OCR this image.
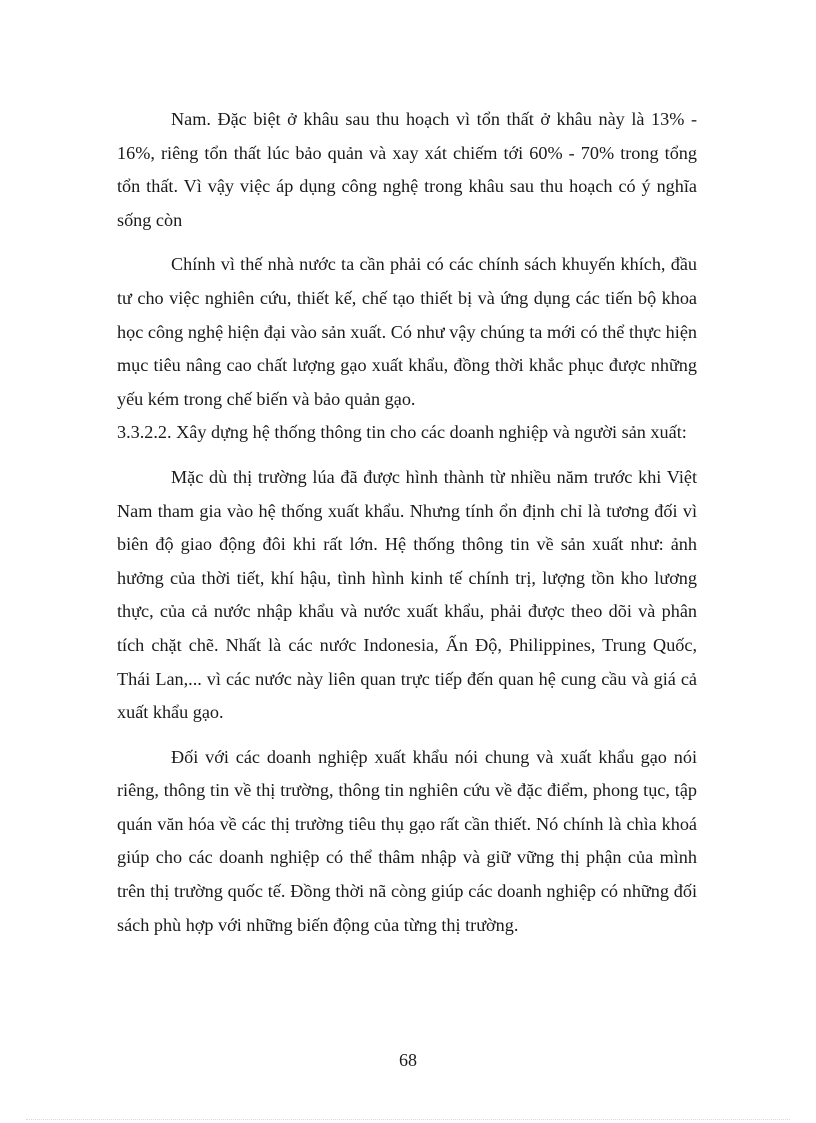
Nam. Đặc biệt ở khâu sau thu hoạch vì tổn thất ở khâu này là 13% - 16%, riêng tổn thất lúc bảo quản và xay xát chiếm tới 60% - 70% trong tổng tổn thất. Vì vậy việc áp dụng công nghệ trong khâu sau thu hoạch có ý nghĩa sống còn

Chính vì thế nhà nước ta cần phải có các chính sách khuyến khích, đầu tư cho việc nghiên cứu, thiết kế, chế tạo thiết bị và ứng dụng các tiến bộ khoa học công nghệ hiện đại vào sản xuất. Có như vậy chúng ta mới có thể thực hiện mục tiêu nâng cao chất lượng gạo xuất khẩu, đồng thời khắc phục được những yếu kém trong chế biến và bảo quản gạo.

3.3.2.2. Xây dựng hệ thống thông tin cho các doanh nghiệp và người sản xuất:

Mặc dù thị trường lúa đã được hình thành từ nhiều năm trước khi Việt Nam tham gia vào hệ thống xuất khẩu. Nhưng tính ổn định chỉ là tương đối vì biên độ giao động đôi khi rất lớn. Hệ thống thông tin về sản xuất như: ảnh hưởng của thời tiết, khí hậu, tình hình kinh tế chính trị, lượng tồn kho lương thực, của cả nước nhập khẩu và nước xuất khẩu, phải được theo dõi và phân tích chặt chẽ. Nhất là các nước Indonesia, Ấn Độ, Philippines, Trung Quốc, Thái Lan,... vì các nước này liên quan trực tiếp đến quan hệ cung cầu và giá cả xuất khẩu gạo.

Đối với các doanh nghiệp xuất khẩu nói chung và xuất khẩu gạo nói riêng, thông tin về thị trường, thông tin nghiên cứu về đặc điểm, phong tục, tập quán văn hóa về các thị trường tiêu thụ gạo rất cần thiết. Nó chính là chìa khoá giúp cho các doanh nghiệp có thể thâm nhập và giữ vững thị phận của mình trên thị trường quốc tế. Đồng thời nã còng giúp các doanh nghiệp có những đối sách phù hợp với những biến động của từng thị trường.

68
